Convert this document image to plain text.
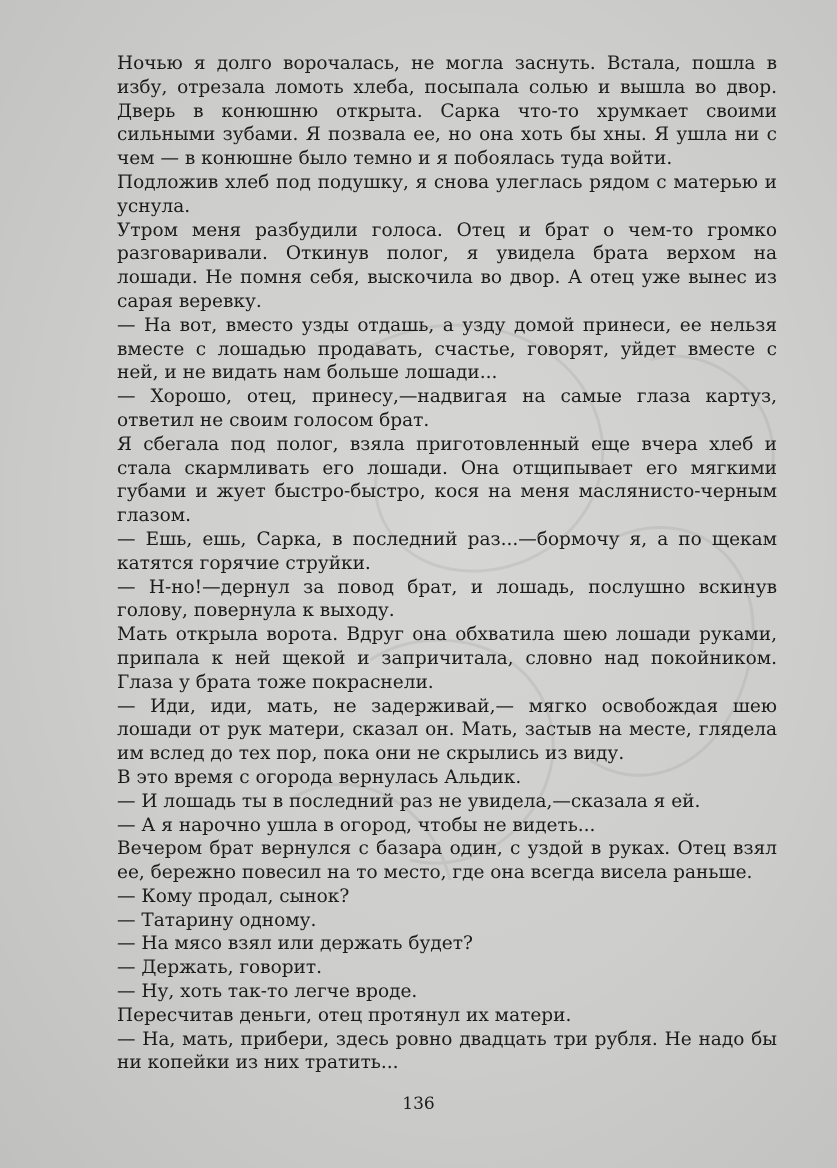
Ночью я долго ворочалась, не могла заснуть. Встала, пошла в избу, отрезала ломоть хлеба, посыпала солью и вышла во двор. Дверь в конюшню открыта. Сарка что-то хрумкает своими сильными зубами. Я позвала ее, но она хоть бы хны. Я ушла ни с чем — в конюшне было темно и я побоялась туда войти.

Подложив хлеб под подушку, я снова улеглась рядом с матерью и уснула.

Утром меня разбудили голоса. Отец и брат о чем-то громко разговаривали. Откинув полог, я увидела брата верхом на лошади. Не помня себя, выскочила во двор. А отец уже вынес из сарая веревку.

— На вот, вместо узды отдашь, а узду домой принеси, ее нельзя вместе с лошадью продавать, счастье, говорят, уйдет вместе с ней, и не видать нам больше лошади...

— Хорошо, отец, принесу,—надвигая на самые глаза картуз, ответил не своим голосом брат.

Я сбегала под полог, взяла приготовленный еще вчера хлеб и стала скармливать его лошади. Она отщипывает его мягкими губами и жует быстро-быстро, кося на меня маслянисто-черным глазом.

— Ешь, ешь, Сарка, в последний раз...—бормочу я, а по щекам катятся горячие струйки.

— Н-но!—дернул за повод брат, и лошадь, послушно вскинув голову, повернула к выходу.

Мать открыла ворота. Вдруг она обхватила шею лошади руками, припала к ней щекой и запричитала, словно над покойником. Глаза у брата тоже покраснели.

— Иди, иди, мать, не задерживай,— мягко освобождая шею лошади от рук матери, сказал он. Мать, застыв на месте, глядела им вслед до тех пор, пока они не скрылись из виду.

В это время с огорода вернулась Альдик.

— И лошадь ты в последний раз не увидела,—сказала я ей.

— А я нарочно ушла в огород, чтобы не видеть...

Вечером брат вернулся с базара один, с уздой в руках. Отец взял ее, бережно повесил на то место, где она всегда висела раньше.

— Кому продал, сынок?

— Татарину одному.

— На мясо взял или держать будет?

— Держать, говорит.

— Ну, хоть так-то легче вроде.

Пересчитав деньги, отец протянул их матери.

— На, мать, прибери, здесь ровно двадцать три рубля. Не надо бы ни копейки из них тратить...

136
